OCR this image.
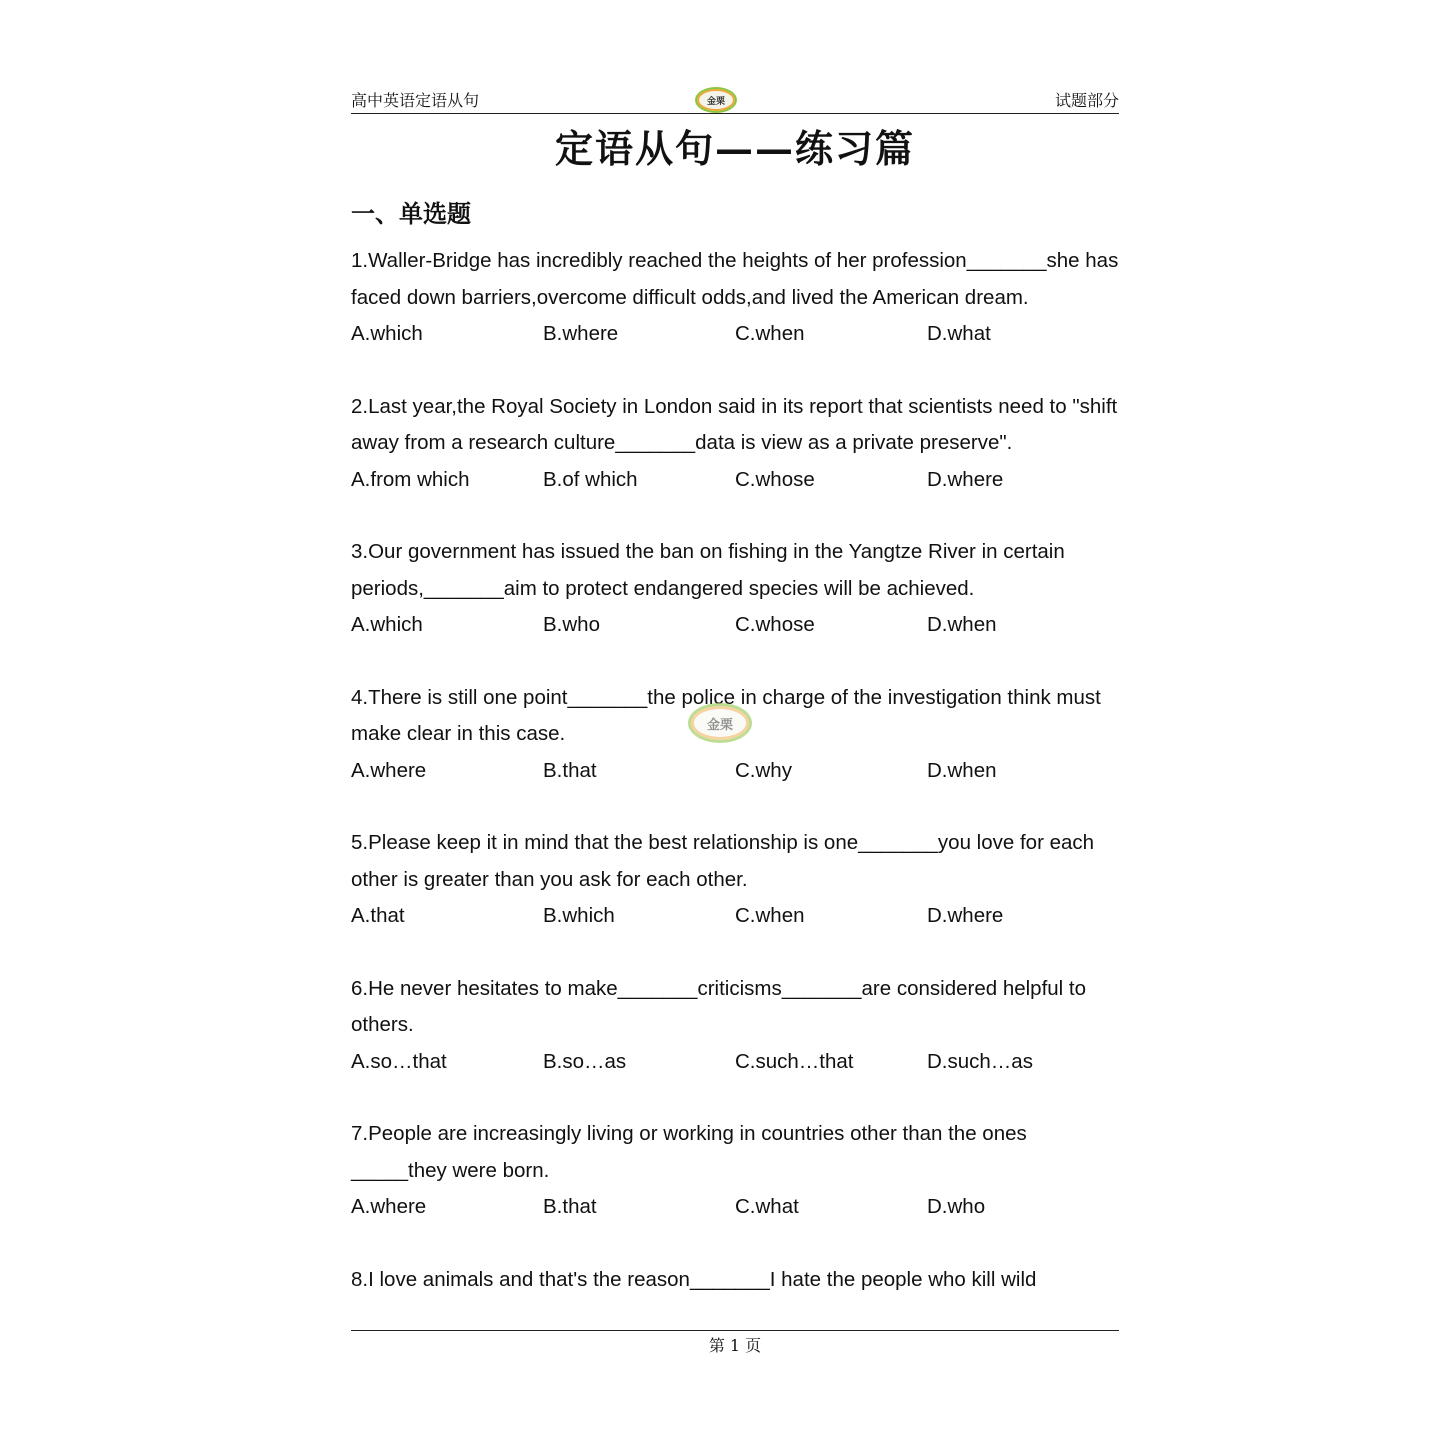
高中英语定语从句	金栗	试题部分
定语从句——练习篇
一、单选题
1.Waller-Bridge has incredibly reached the heights of her profession_______she has faced down barriers,overcome difficult odds,and lived the American dream.
A.which	B.where	C.when	D.what
2.Last year,the Royal Society in London said in its report that scientists need to "shift away from a research culture_______data is view as a private preserve".
A.from which	B.of which	C.whose	D.where
3.Our government has issued the ban on fishing in the Yangtze River in certain periods,_______aim to protect endangered species will be achieved.
A.which	B.who	C.whose	D.when
4.There is still one point_______the police in charge of the investigation think must make clear in this case.
A.where	B.that	C.why	D.when
5.Please keep it in mind that the best relationship is one_______you love for each other is greater than you ask for each other.
A.that	B.which	C.when	D.where
6.He never hesitates to make_______criticisms_______are considered helpful to others.
A.so…that	B.so…as	C.such…that	D.such…as
7.People are increasingly living or working in countries other than the ones _____they were born.
A.where	B.that	C.what	D.who
8.I love animals and that's the reason_______I hate the people who kill wild
金栗
第 1 页
